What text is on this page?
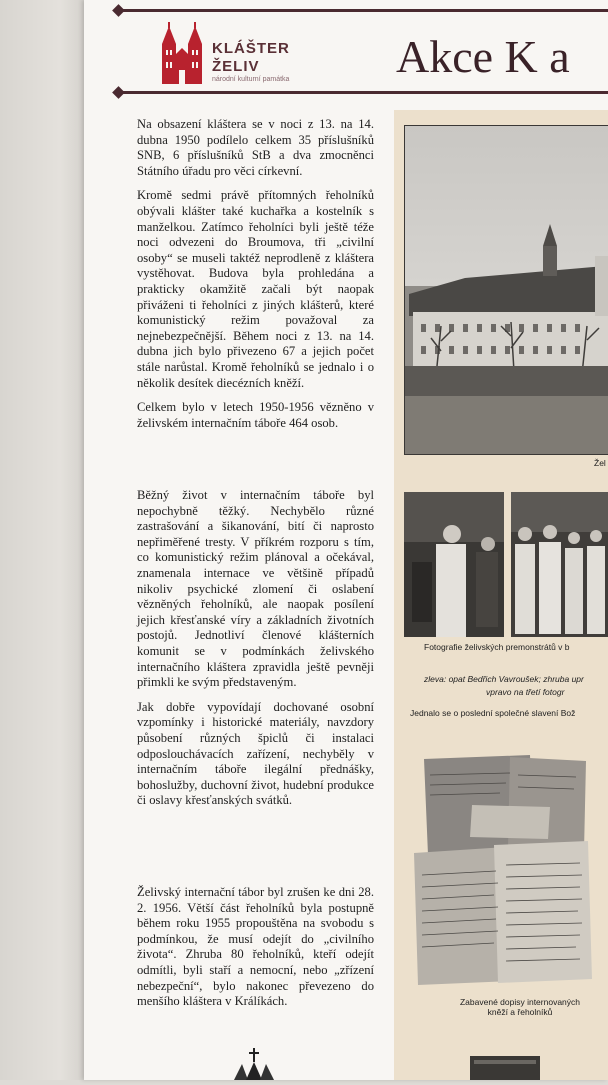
KLÁŠTER
ŽELIV
národní kulturní památka Akce K a

Na obsazení kláštera se v noci z 13. na 14. dubna 1950 podílelo celkem 35 příslušníků SNB, 6 příslušníků StB a dva zmocněnci Státního úřadu pro věci církevní.

Kromě sedmi právě přítomných řeholníků obývali klášter také kuchařka a kostelník s manželkou. Zatímco řeholníci byli ještě téže noci odvezeni do Broumova, tři „civilní osoby“ se museli taktéž neprodleně z kláštera vystěhovat. Budova byla prohledána a prakticky okamžitě začali být naopak přiváženi ti řeholníci z jiných klášterů, které komunistický režim považoval za nejnebezpečnější. Během noci z 13. na 14. dubna jich bylo přivezeno 67 a jejich počet stále narůstal. Kromě řeholníků se jednalo i o několik desítek diecézních kněží.

Celkem bylo v letech 1950-1956 vězněno v želivském internačním táboře 464 osob.

Běžný život v internačním táboře byl nepochybně těžký. Nechybělo různé zastrašování a šikanování, bití či naprosto nepřiměřené tresty. V příkrém rozporu s tím, co komunistický režim plánoval a očekával, znamenala internace ve většině případů nikoliv psychické zlomení či oslabení vězněných řeholníků, ale naopak posílení jejich křesťanské víry a základních životních postojů. Jednotliví členové klášterních komunit se v podmínkách želivského internačního kláštera zpravidla ještě pevněji přimkli ke svým představeným.

Jak dobře vypovídají dochované osobní vzpomínky i historické materiály, navzdory působení různých špiclů či instalaci odposlouchávacích zařízení, nechyběly v internačním táboře ilegální přednášky, bohoslužby, duchovní život, hudební produkce či oslavy křesťanských svátků.

Želivský internační tábor byl zrušen ke dni 28. 2. 1956. Větší část řeholníků byla postupně během roku 1955 propouštěna na svobodu s podmínkou, že musí odejít do „civilního života“. Zhruba 80 řeholníků, kteří odejít odmítli, byli staří a nemocní, nebo „zřízení nebezpeční“, bylo nakonec převezeno do menšího kláštera v Králíkách.

Žel
Fotografie želivských premonstrátů v b
zleva: opat Bedřich Vavroušek; zhruba upr
vpravo na třetí fotogr
Jednalo se o poslední společné slavení Bož
Zabavené dopisy internovaných
kněží a řeholníků
